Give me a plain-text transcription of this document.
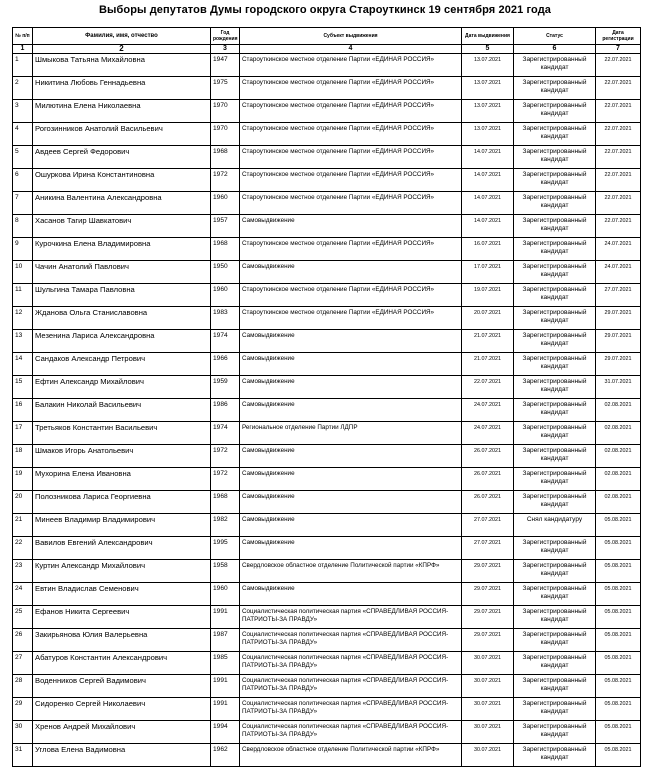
Выборы депутатов Думы городского округа Староуткинск 19 сентября 2021 года
№ п/п	Фамилия, имя, отчество	Год рождения	Субъект выдвижения	Дата выдвижения	Статус	Дата регистрации
1	2	3	4	5	6	7
1	Шмыкова Татьяна Михайловна	1947	Староуткинское местное отделение Партии «ЕДИНАЯ РОССИЯ»	13.07.2021	Зарегистрированный кандидат	22.07.2021
2	Никитина Любовь Геннадьевна	1975	Староуткинское местное отделение Партии «ЕДИНАЯ РОССИЯ»	13.07.2021	Зарегистрированный кандидат	22.07.2021
3	Милютина Елена Николаевна	1970	Староуткинское местное отделение Партии «ЕДИНАЯ РОССИЯ»	13.07.2021	Зарегистрированный кандидат	22.07.2021
4	Рогозинников Анатолий Васильевич	1970	Староуткинское местное отделение Партии «ЕДИНАЯ РОССИЯ»	13.07.2021	Зарегистрированный кандидат	22.07.2021
5	Авдеев Сергей Федорович	1968	Староуткинское местное отделение Партии «ЕДИНАЯ РОССИЯ»	14.07.2021	Зарегистрированный кандидат	22.07.2021
6	Ошуркова Ирина Константиновна	1972	Староуткинское местное отделение Партии «ЕДИНАЯ РОССИЯ»	14.07.2021	Зарегистрированный кандидат	22.07.2021
7	Аникина Валентина Александровна	1960	Староуткинское местное отделение Партии «ЕДИНАЯ РОССИЯ»	14.07.2021	Зарегистрированный кандидат	22.07.2021
8	Хасанов Тагир Шавкатович	1957	Самовыдвижение	14.07.2021	Зарегистрированный кандидат	22.07.2021
9	Курочкина Елена Владимировна	1968	Староуткинское местное отделение Партии «ЕДИНАЯ РОССИЯ»	16.07.2021	Зарегистрированный кандидат	24.07.2021
10	Чачин Анатолий Павлович	1950	Самовыдвижение	17.07.2021	Зарегистрированный кандидат	24.07.2021
11	Шульгина Тамара Павловна	1960	Староуткинское местное отделение Партии «ЕДИНАЯ РОССИЯ»	19.07.2021	Зарегистрированный кандидат	27.07.2021
12	Жданова Ольга Станиславовна	1983	Староуткинское местное отделение Партии «ЕДИНАЯ РОССИЯ»	20.07.2021	Зарегистрированный кандидат	29.07.2021
13	Мезенина Лариса Александровна	1974	Самовыдвижение	21.07.2021	Зарегистрированный кандидат	29.07.2021
14	Сандаков Александр Петрович	1966	Самовыдвижение	21.07.2021	Зарегистрированный кандидат	29.07.2021
15	Ефтин Александр Михайлович	1959	Самовыдвижение	22.07.2021	Зарегистрированный кандидат	31.07.2021
16	Балакин Николай Васильевич	1986	Самовыдвижение	24.07.2021	Зарегистрированный кандидат	02.08.2021
17	Третьяков Константин Васильевич	1974	Региональное отделение Партии ЛДПР	24.07.2021	Зарегистрированный кандидат	02.08.2021
18	Шмаков Игорь Анатольевич	1972	Самовыдвижение	26.07.2021	Зарегистрированный кандидат	02.08.2021
19	Мухорина Елена Ивановна	1972	Самовыдвижение	26.07.2021	Зарегистрированный кандидат	02.08.2021
20	Полозникова Лариса Георгиевна	1968	Самовыдвижение	26.07.2021	Зарегистрированный кандидат	02.08.2021
21	Минеев Владимир Владимирович	1982	Самовыдвижение	27.07.2021	Снял кандидатуру	05.08.2021
22	Вавилов Евгений Александрович	1995	Самовыдвижение	27.07.2021	Зарегистрированный кандидат	05.08.2021
23	Куртин Александр Михайлович	1958	Свердловское областное отделение Политической партии «КПРФ»	29.07.2021	Зарегистрированный кандидат	05.08.2021
24	Евтин Владислав Семенович	1960	Самовыдвижение	29.07.2021	Зарегистрированный кандидат	05.08.2021
25	Ефанов Никита Сергеевич	1991	Социалистическая политическая партия «СПРАВЕДЛИВАЯ РОССИЯ-ПАТРИОТЫ-ЗА ПРАВДУ»	29.07.2021	Зарегистрированный кандидат	05.08.2021
26	Закирьянова Юлия Валерьевна	1987	Социалистическая политическая партия «СПРАВЕДЛИВАЯ РОССИЯ-ПАТРИОТЫ-ЗА ПРАВДУ»	29.07.2021	Зарегистрированный кандидат	05.08.2021
27	Абатуров Константин Александрович	1985	Социалистическая политическая партия «СПРАВЕДЛИВАЯ РОССИЯ-ПАТРИОТЫ-ЗА ПРАВДУ»	30.07.2021	Зарегистрированный кандидат	05.08.2021
28	Воденников Сергей Вадимович	1991	Социалистическая политическая партия «СПРАВЕДЛИВАЯ РОССИЯ-ПАТРИОТЫ-ЗА ПРАВДУ»	30.07.2021	Зарегистрированный кандидат	05.08.2021
29	Сидоренко Сергей Николаевич	1991	Социалистическая политическая партия «СПРАВЕДЛИВАЯ РОССИЯ-ПАТРИОТЫ-ЗА ПРАВДУ»	30.07.2021	Зарегистрированный кандидат	05.08.2021
30	Хренов Андрей Михайлович	1994	Социалистическая политическая партия «СПРАВЕДЛИВАЯ РОССИЯ-ПАТРИОТЫ-ЗА ПРАВДУ»	30.07.2021	Зарегистрированный кандидат	05.08.2021
31	Углова Елена Вадимовна	1962	Свердловское областное отделение Политической партии «КПРФ»	30.07.2021	Зарегистрированный кандидат	05.08.2021
